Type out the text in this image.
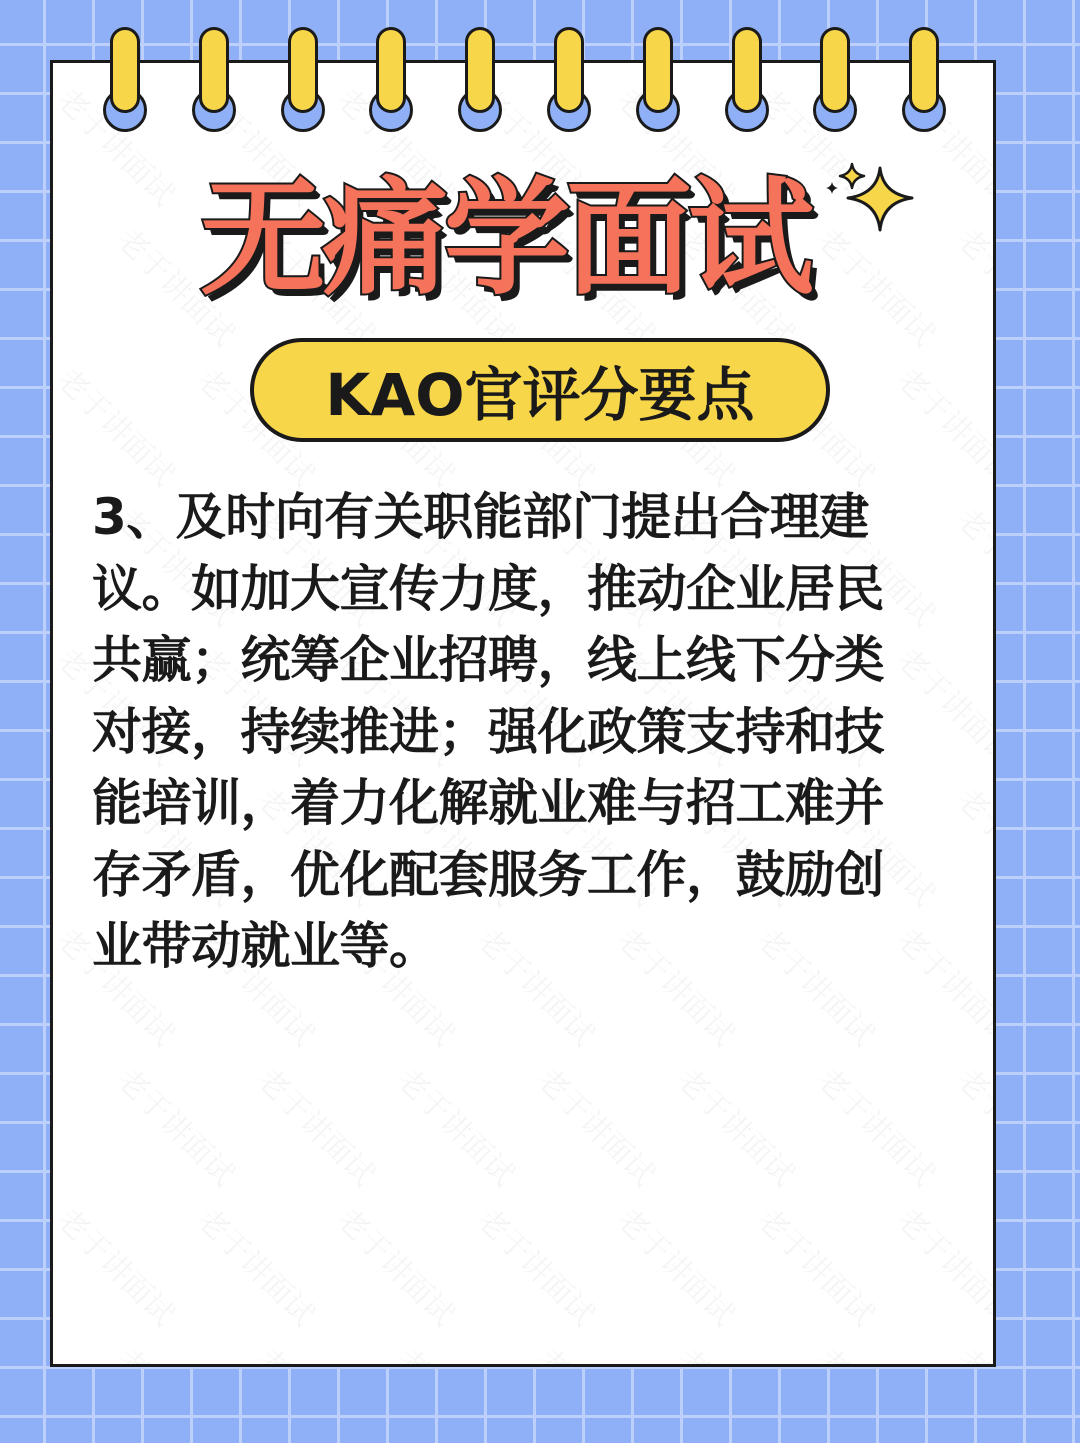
无痛学面试
KAO官评分要点
3、及时向有关职能部门提出合理建议。如加大宣传力度，推动企业居民共赢；统筹企业招聘，线上线下分类对接，持续推进；强化政策支持和技能培训，着力化解就业难与招工难并存矛盾，优化配套服务工作，鼓励创业带动就业等。
